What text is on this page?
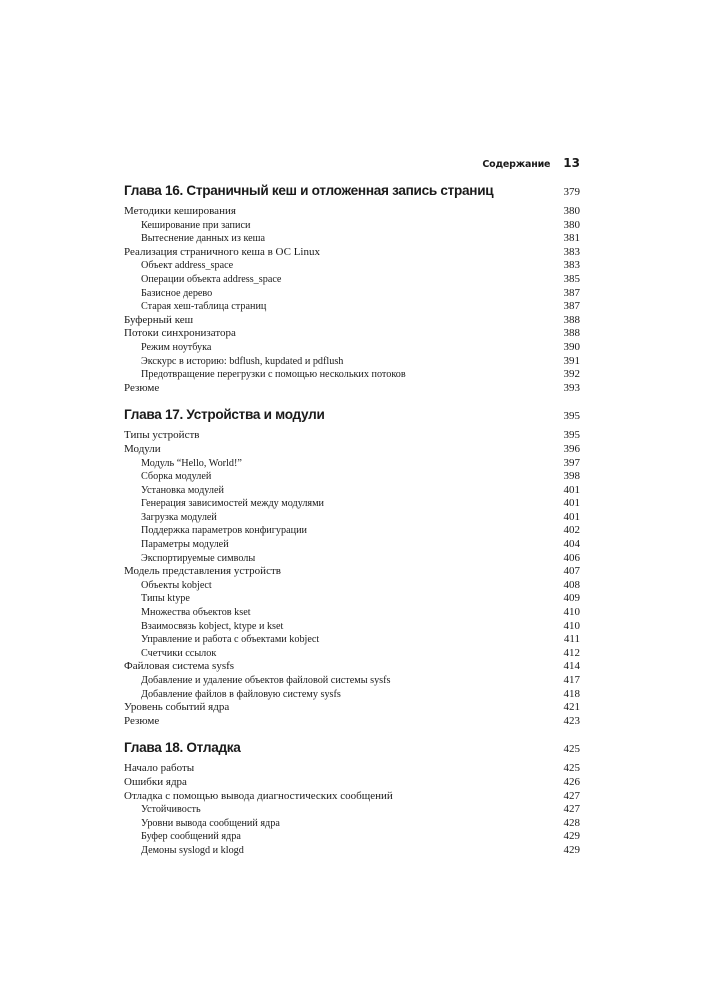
Содержание 13
Глава 16. Страничный кеш и отложенная запись страниц	379
Методики кеширования	380
Кеширование при записи	380
Вытеснение данных из кеша	381
Реализация страничного кеша в ОС Linux	383
Объект address_space	383
Операции объекта address_space	385
Базисное дерево	387
Старая хеш-таблица страниц	387
Буферный кеш	388
Потоки синхронизатора	388
Режим ноутбука	390
Экскурс в историю: bdflush, kupdated и pdflush	391
Предотвращение перегрузки с помощью нескольких потоков	392
Резюме	393
Глава 17. Устройства и модули	395
Типы устройств	395
Модули	396
Модуль “Hello, World!”	397
Сборка модулей	398
Установка модулей	401
Генерация зависимостей между модулями	401
Загрузка модулей	401
Поддержка параметров конфигурации	402
Параметры модулей	404
Экспортируемые символы	406
Модель представления устройств	407
Объекты kobject	408
Типы ktype	409
Множества объектов kset	410
Взаимосвязь kobject, ktype и kset	410
Управление и работа с объектами kobject	411
Счетчики ссылок	412
Файловая система sysfs	414
Добавление и удаление объектов файловой системы sysfs	417
Добавление файлов в файловую систему sysfs	418
Уровень событий ядра	421
Резюме	423
Глава 18. Отладка	425
Начало работы	425
Ошибки ядра	426
Отладка с помощью вывода диагностических сообщений	427
Устойчивость	427
Уровни вывода сообщений ядра	428
Буфер сообщений ядра	429
Демоны syslogd и klogd	429
